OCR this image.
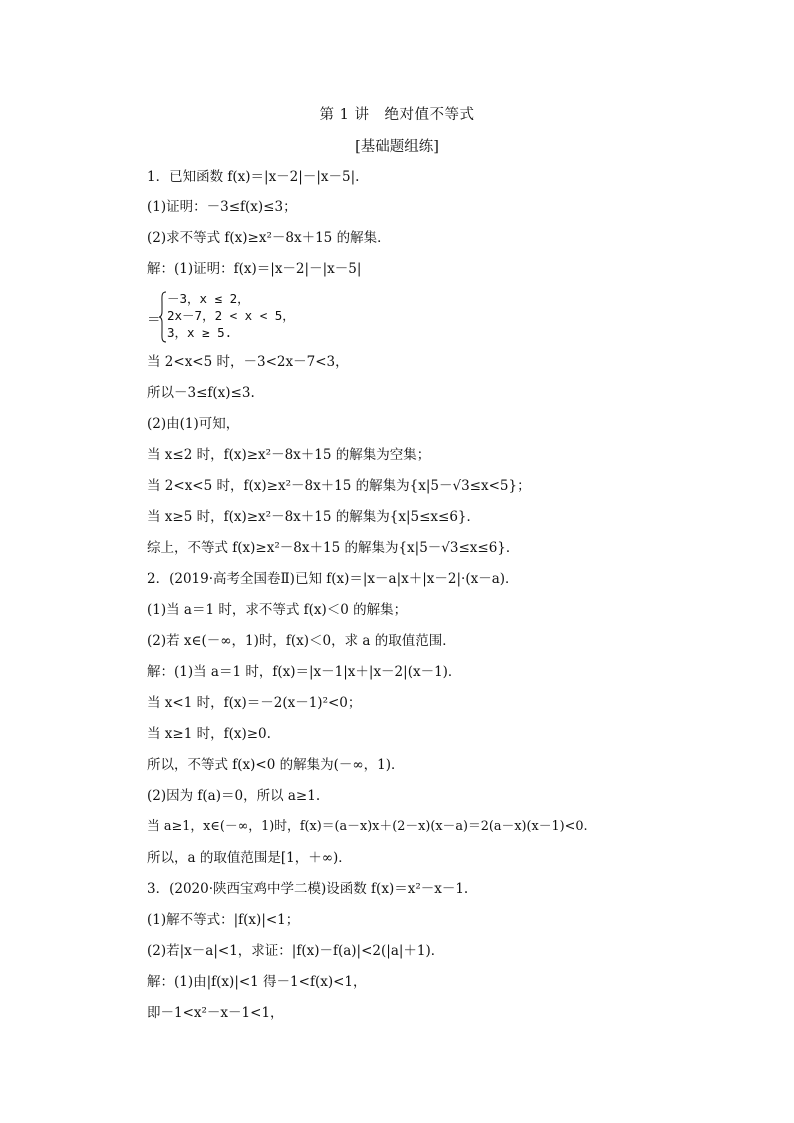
第 1 讲　绝对值不等式
[基础题组练]
1．已知函数 f(x)＝|x－2|－|x－5|.
(1)证明：－3≤f(x)≤3；
(2)求不等式 f(x)≥x²－8x＋15 的解集．
解：(1)证明：f(x)＝|x－2|－|x－5|
＝
－3，x ≤ 2，
2x－7，2 < x < 5，
3，x ≥ 5.
当 2<x<5 时，－3<2x－7<3，
所以－3≤f(x)≤3.
(2)由(1)可知，
当 x≤2 时，f(x)≥x²－8x＋15 的解集为空集；
当 2<x<5 时，f(x)≥x²－8x＋15 的解集为{x|5－√3≤x<5}；
当 x≥5 时，f(x)≥x²－8x＋15 的解集为{x|5≤x≤6}．
综上，不等式 f(x)≥x²－8x＋15 的解集为{x|5－√3≤x≤6}．
2．(2019·高考全国卷Ⅱ)已知 f(x)＝|x－a|x＋|x－2|·(x－a)．
(1)当 a＝1 时，求不等式 f(x)＜0 的解集；
(2)若 x∈(－∞，1)时，f(x)＜0，求 a 的取值范围．
解：(1)当 a＝1 时，f(x)＝|x－1|x＋|x－2|(x－1)．
当 x<1 时，f(x)＝－2(x－1)²<0；
当 x≥1 时，f(x)≥0.
所以，不等式 f(x)<0 的解集为(－∞，1)．
(2)因为 f(a)＝0，所以 a≥1.
当 a≥1，x∈(－∞，1)时，f(x)＝(a－x)x＋(2－x)(x－a)＝2(a－x)(x－1)<0.
所以，a 的取值范围是[1，＋∞)．
3．(2020·陕西宝鸡中学二模)设函数 f(x)＝x²－x－1.
(1)解不等式：|f(x)|<1；
(2)若|x－a|<1，求证：|f(x)－f(a)|<2(|a|＋1)．
解：(1)由|f(x)|<1 得－1<f(x)<1，
即－1<x²－x－1<1，
